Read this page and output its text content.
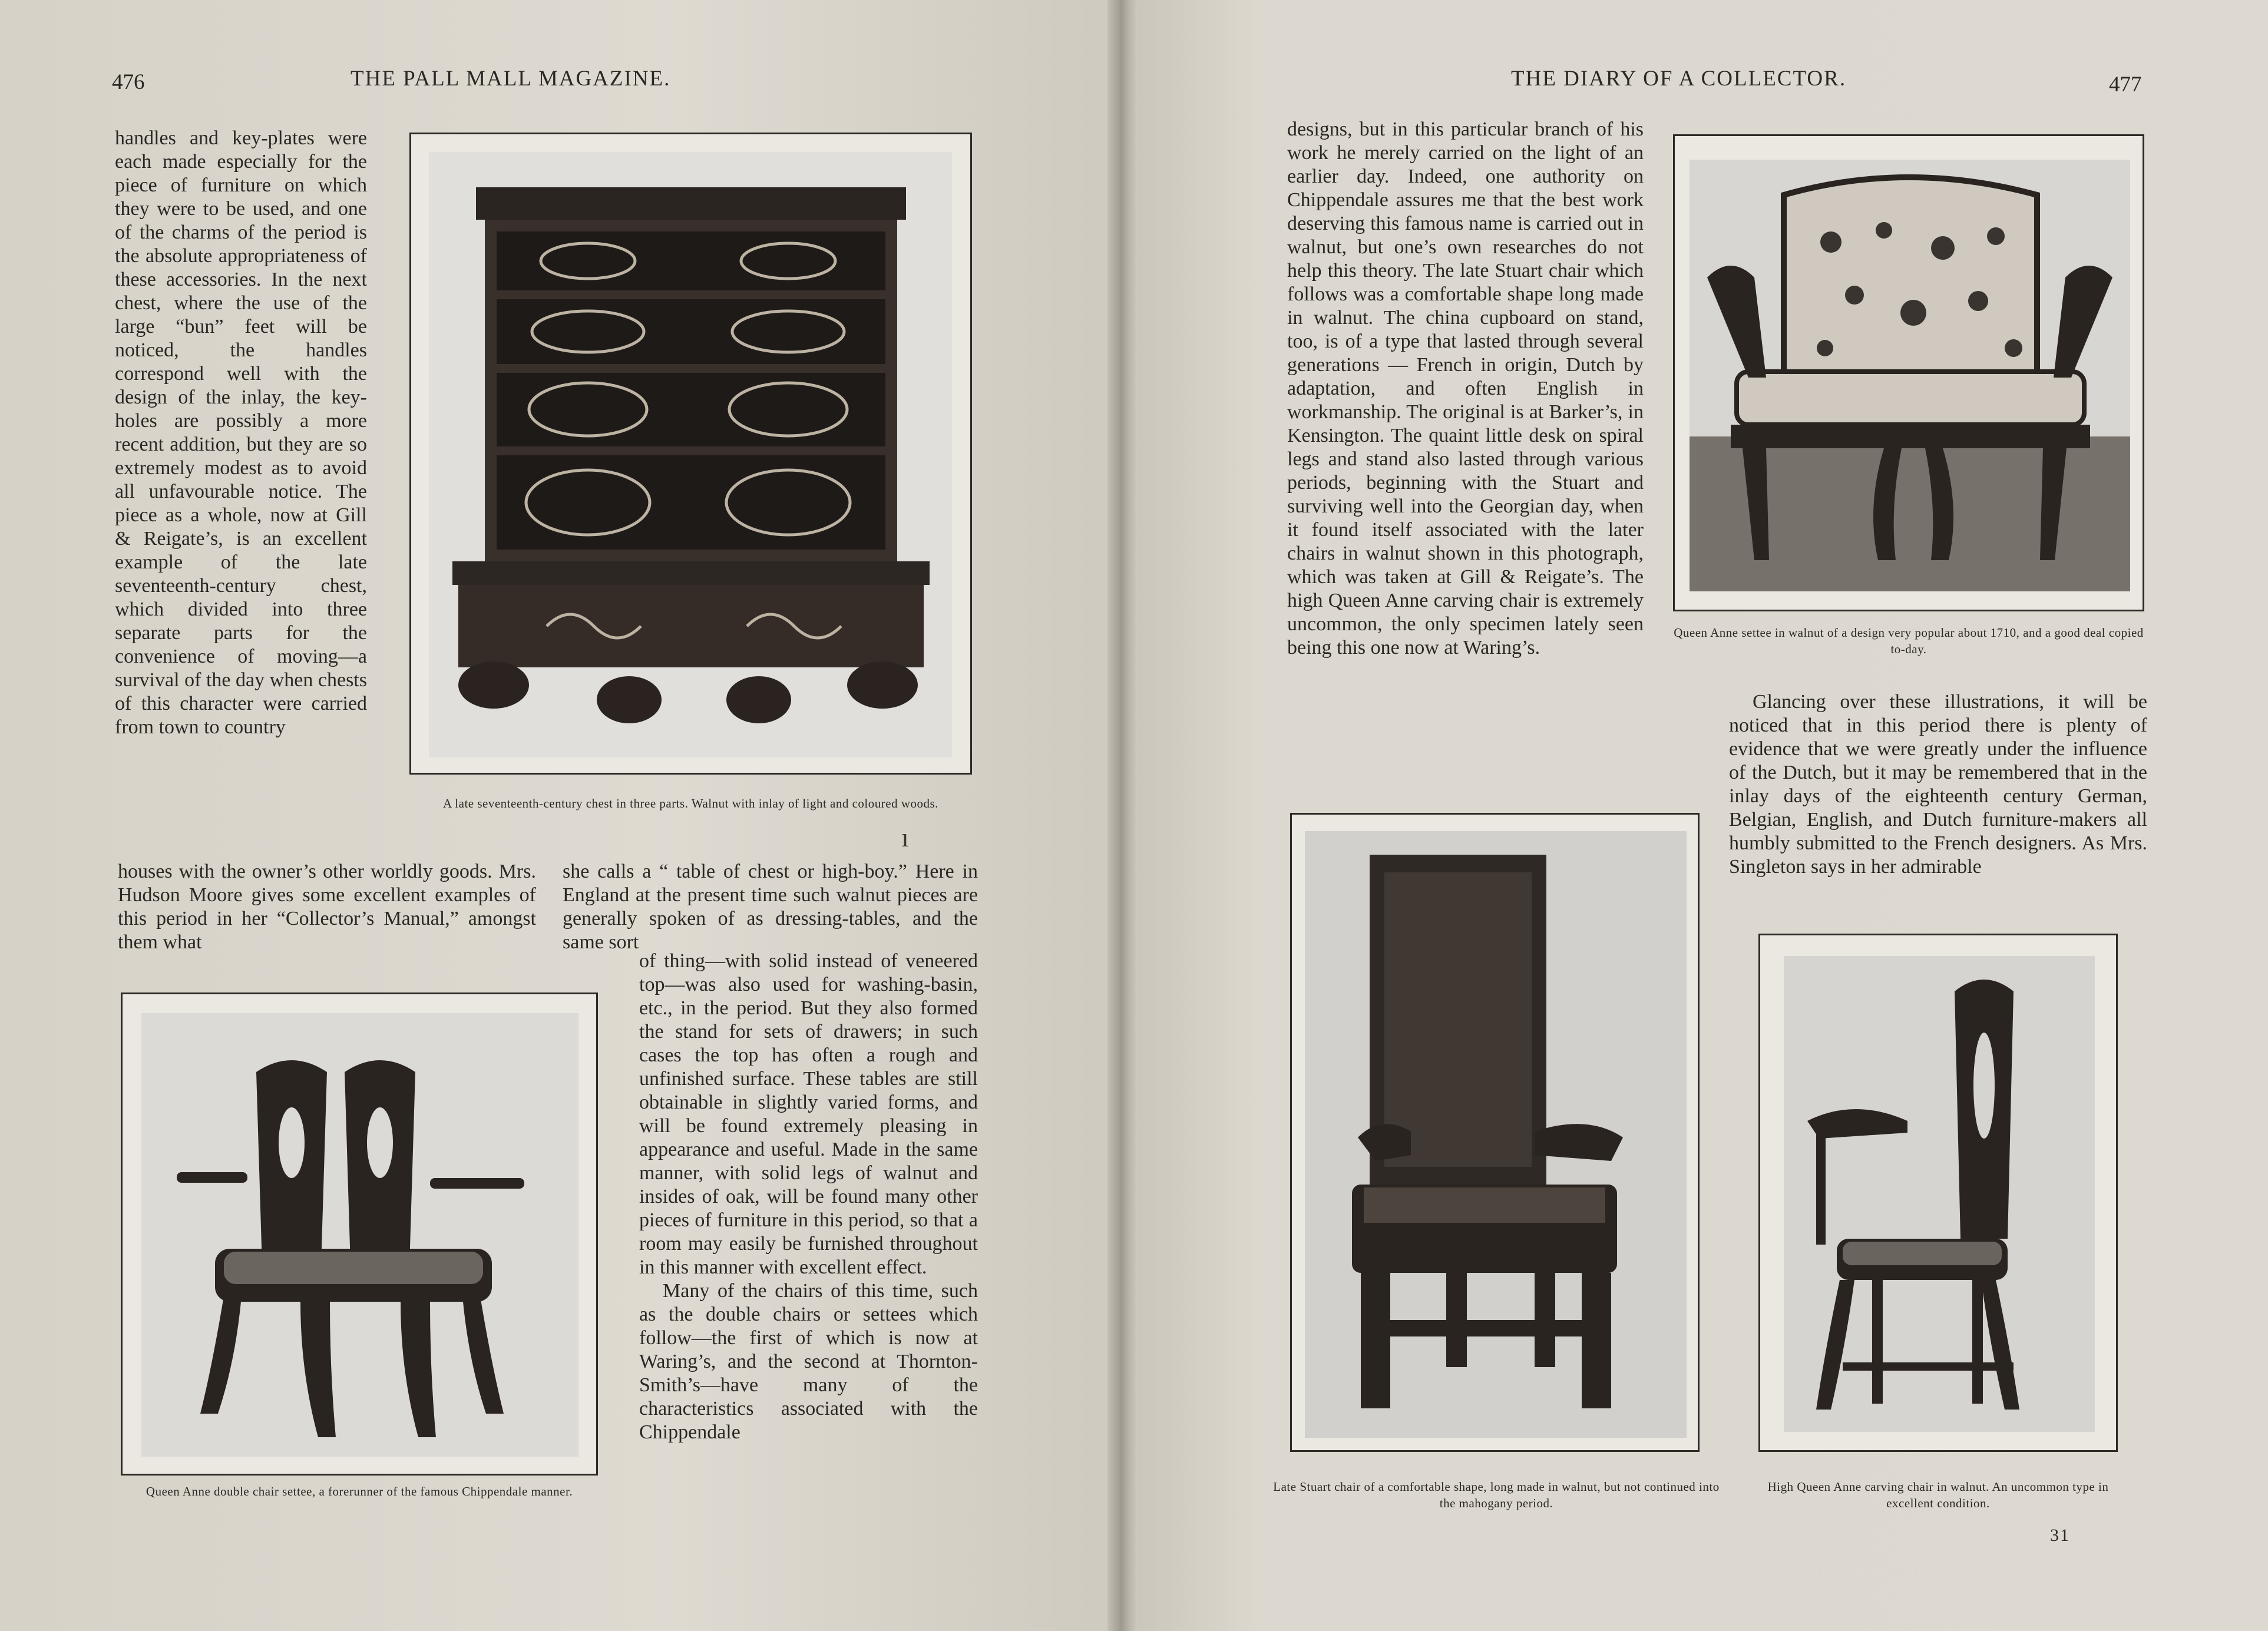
476	THE PALL MALL MAGAZINE.

handles and key-plates were each made especially for the piece of furniture on which they were to be used, and one of the charms of the period is the absolute appropriateness of these accessories. In the next chest, where the use of the large “bun” feet will be noticed, the handles correspond well with the design of the inlay, the key-holes are possibly a more recent addition, but they are so extremely modest as to avoid all unfavourable notice. The piece as a whole, now at Gill & Reigate’s, is an excellent example of the late seventeenth-century chest, which divided into three separate parts for the convenience of moving—a survival of the day when chests of this character were carried from town to country

A late seventeenth-century chest in three parts. Walnut with inlay of light and coloured woods.

houses with the owner’s other worldly goods. Mrs. Hudson Moore gives some excellent examples of this period in her “Collector’s Manual,” amongst them what

she calls a “ table of chest or high-boy.” Here in England at the present time such walnut pieces are generally spoken of as dressing-tables, and the same sort

of thing—with solid instead of veneered top—was also used for washing-basin, etc., in the period. But they also formed the stand for sets of drawers; in such cases the top has often a rough and unfinished surface. These tables are still obtainable in slightly varied forms, and will be found extremely pleasing in appearance and useful. Made in the same manner, with solid legs of walnut and insides of oak, will be found many other pieces of furniture in this period, so that a room may easily be furnished throughout in this manner with excellent effect.

Many of the chairs of this time, such as the double chairs or settees which follow—the first of which is now at Waring’s, and the second at Thornton-Smith’s—have many of the characteristics associated with the Chippendale

Queen Anne double chair settee, a forerunner of the famous Chippendale manner.
ı
THE DIARY OF A COLLECTOR.	477

designs, but in this particular branch of his work he merely carried on the light of an earlier day. Indeed, one authority on Chippendale assures me that the best work deserving this famous name is carried out in walnut, but one’s own researches do not help this theory. The late Stuart chair which follows was a comfortable shape long made in walnut. The china cupboard on stand, too, is of a type that lasted through several generations — French in origin, Dutch by adaptation, and often English in workmanship. The original is at Barker’s, in Kensington. The quaint little desk on spiral legs and stand also lasted through various periods, beginning with the Stuart and surviving well into the Georgian day, when it found itself associated with the later chairs in walnut shown in this photograph, which was taken at Gill & Reigate’s. The high Queen Anne carving chair is extremely uncommon, the only specimen lately seen being this one now at Waring’s.

Queen Anne settee in walnut of a design very popular about 1710, and a good deal copied to-day.

Glancing over these illustrations, it will be noticed that in this period there is plenty of evidence that we were greatly under the influence of the Dutch, but it may be remembered that in the inlay days of the eighteenth century German, Belgian, English, and Dutch furniture-makers all humbly submitted to the French designers. As Mrs. Singleton says in her admirable

Late Stuart chair of a comfortable shape, long made in walnut, but not continued into the mahogany period.
High Queen Anne carving chair in walnut. An uncommon type in excellent condition.
31
